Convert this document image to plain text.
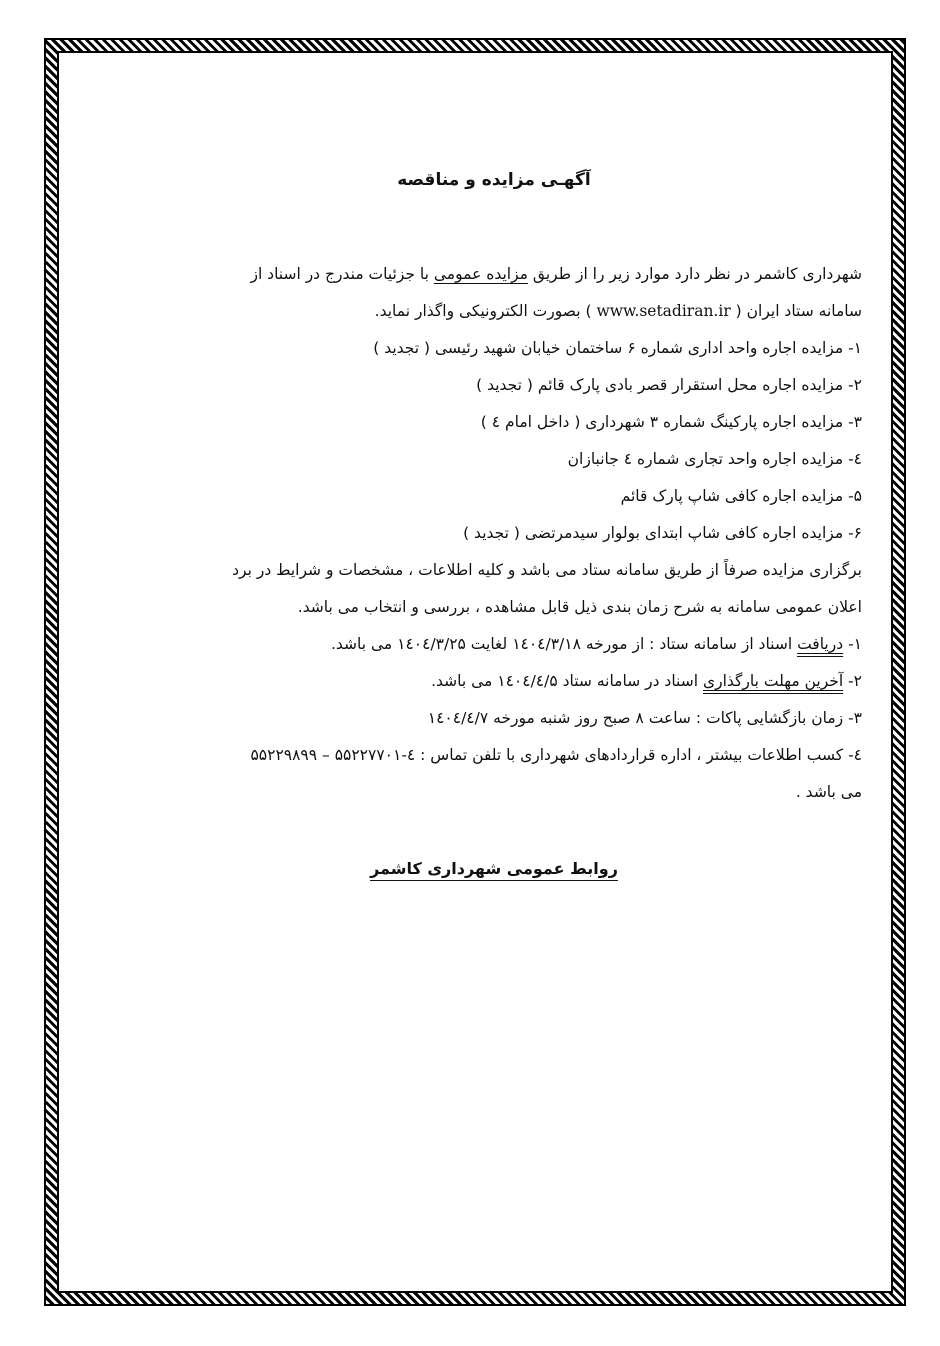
آگهـی مزایده و مناقصه

شهرداری کاشمر در نظر دارد موارد زیر را از طریق مزایده عمومی با جزئیات مندرج در اسناد از

سامانه ستاد ایران ( www.setadiran.ir ) بصورت الکترونیکی واگذار نماید.

۱- مزایده اجاره واحد اداری شماره ۶ ساختمان خیابان شهید رئیسی ( تجدید )
۲- مزایده اجاره محل استقرار قصر بادی پارک قائم ( تجدید )
۳- مزایده اجاره پارکینگ شماره ۳ شهرداری ( داخل امام ٤ )
٤- مزایده اجاره واحد تجاری شماره ٤ جانبازان
۵- مزایده اجاره کافی شاپ پارک قائم
۶- مزایده اجاره کافی شاپ ابتدای بولوار سیدمرتضی ( تجدید )

برگزاری مزایده صرفاً از طریق سامانه ستاد می باشد و کلیه اطلاعات ، مشخصات و شرایط در برد

اعلان عمومی سامانه به شرح زمان بندی ذیل قابل مشاهده ، بررسی و انتخاب می باشد.

۱- دریافت اسناد از سامانه ستاد : از مورخه ۱٤۰٤/۳/۱۸ لغایت ۱٤۰٤/۳/۲۵ می باشد.
۲- آخرین مهلت بارگذاری اسناد در سامانه ستاد ۱٤۰٤/٤/۵ می باشد.
۳- زمان بازگشایی پاکات : ساعت ۸ صبح روز شنبه مورخه ۱٤۰٤/٤/۷
٤- کسب اطلاعات بیشتر ، اداره قراردادهای شهرداری با تلفن تماس : ٤-۵۵۲۲۷۷۰۱ – ۵۵۲۲۹۸۹۹
می باشد .
روابط عمومی شهرداری کاشمر
